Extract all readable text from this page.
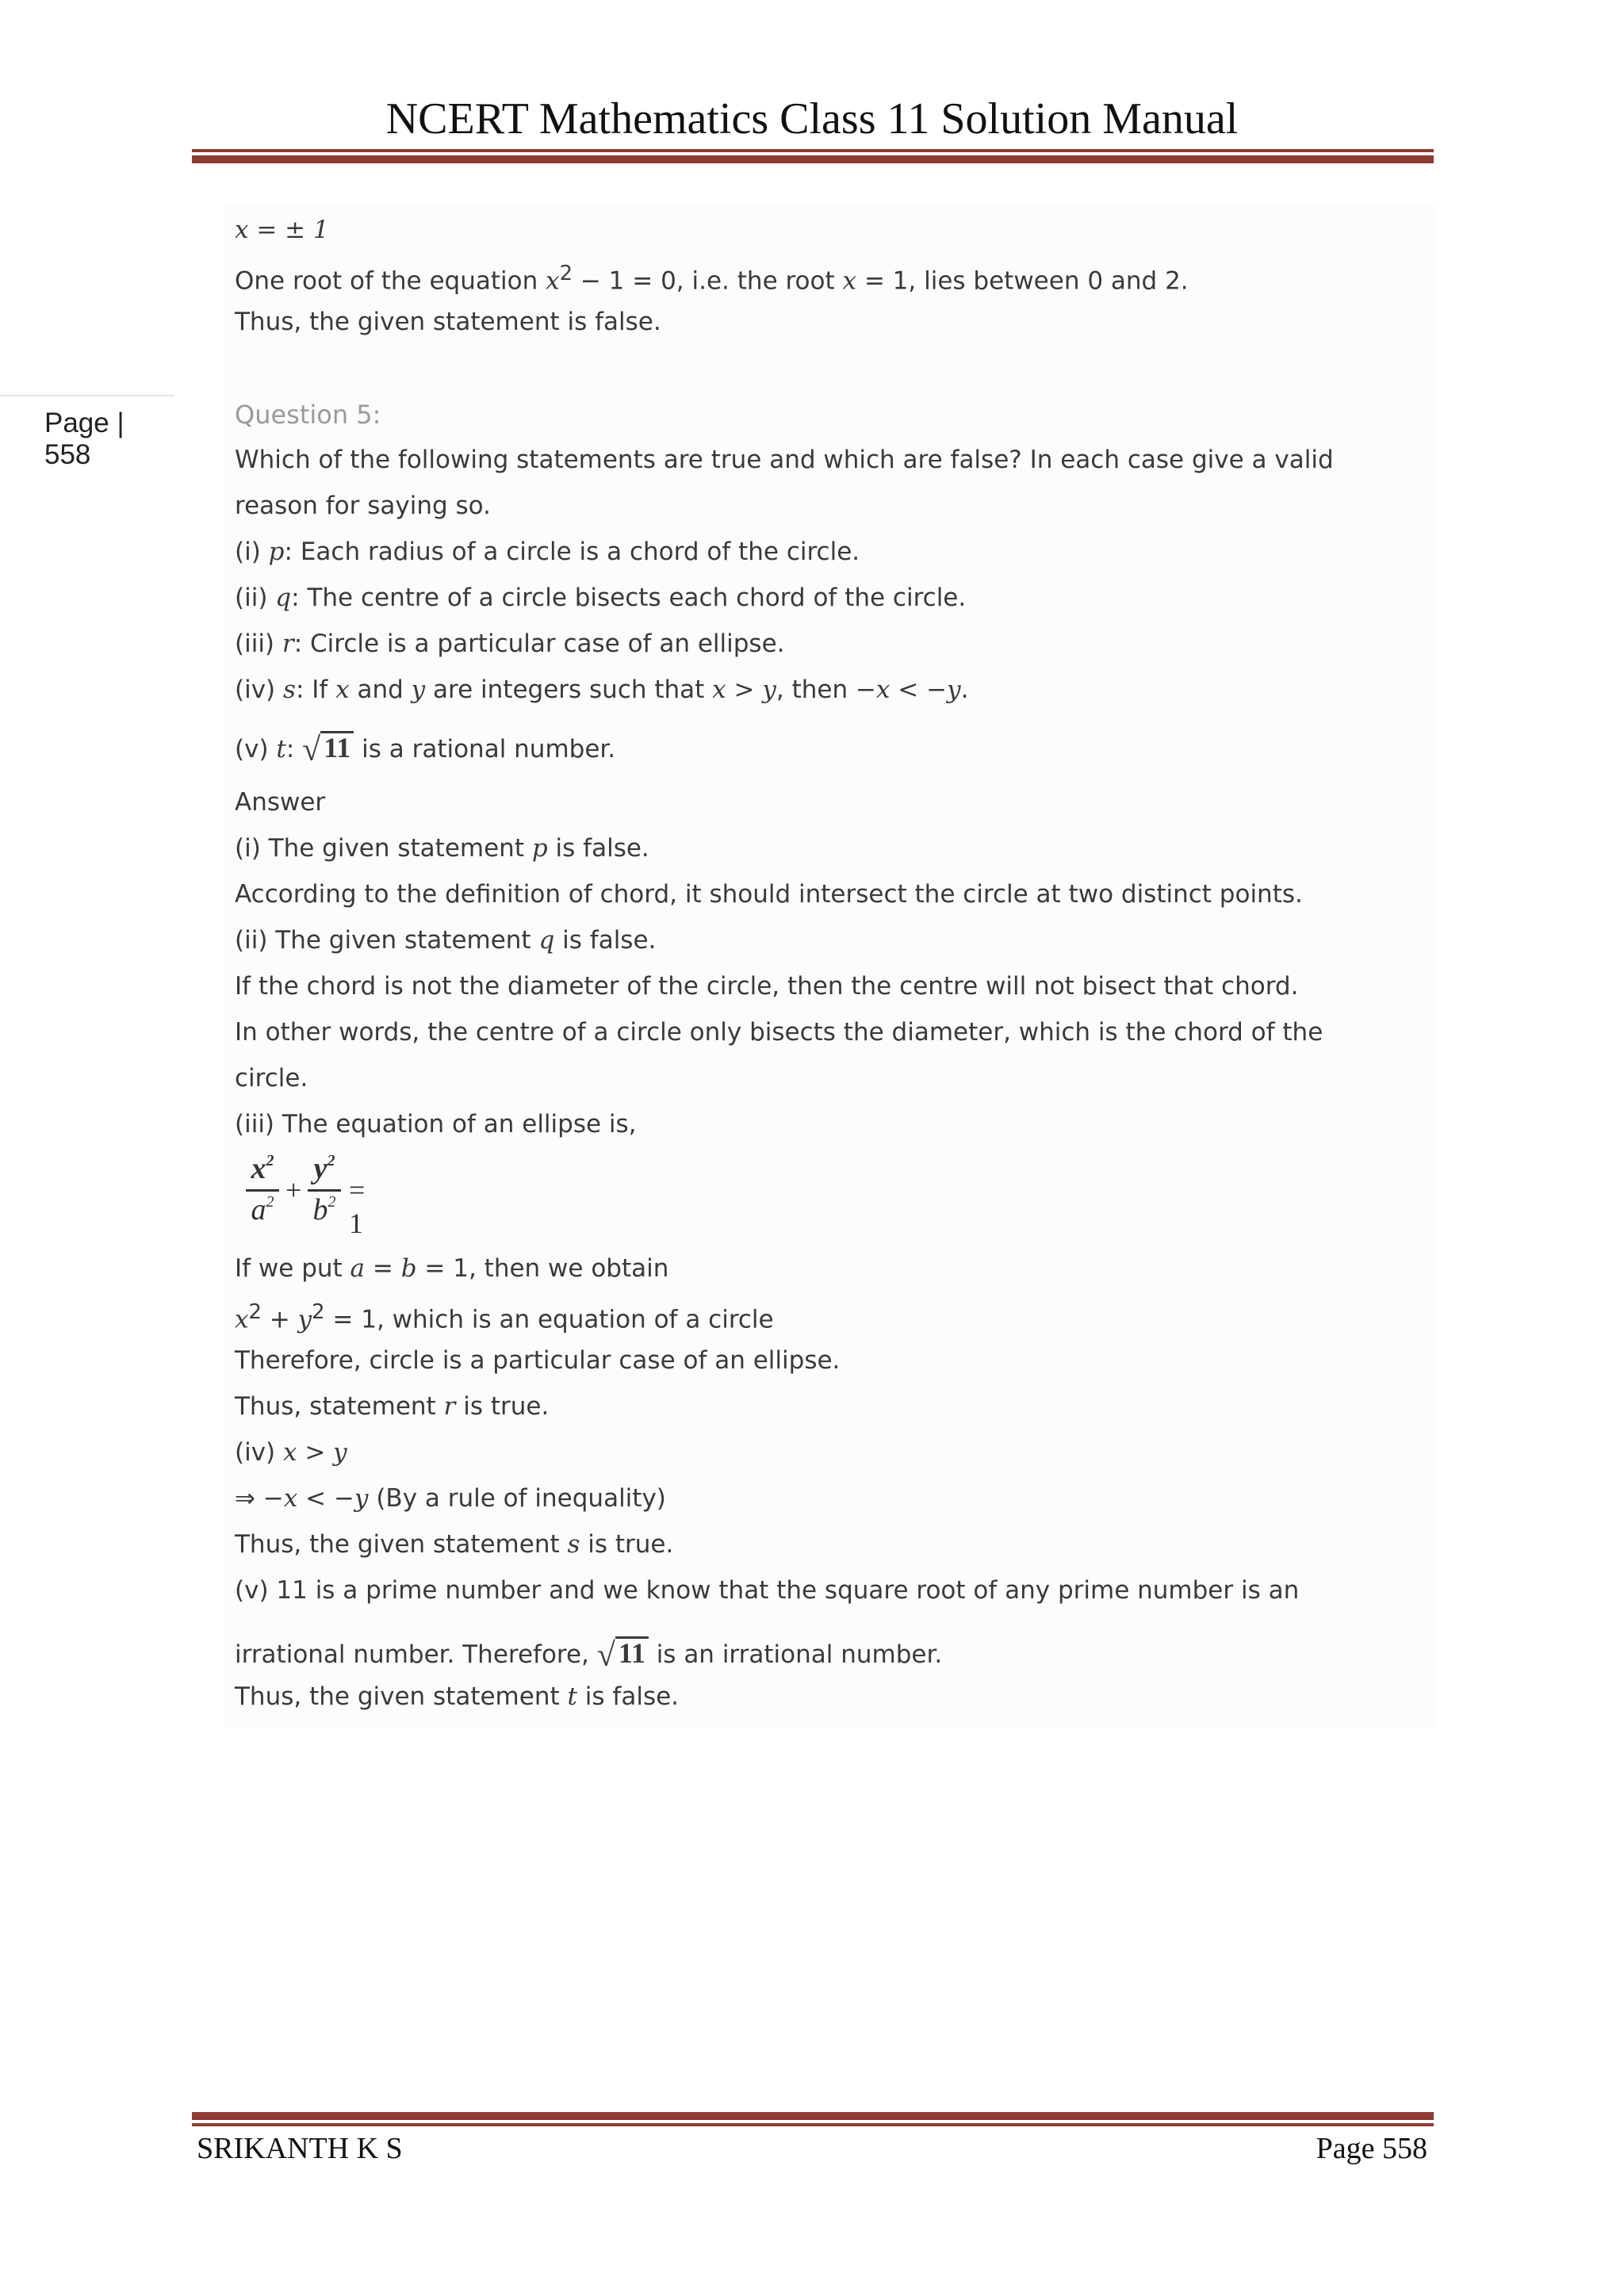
NCERT Mathematics Class 11 Solution Manual
Page | 558

x = ± 1

One root of the equation $x^2 - 1 = 0$, i.e. the root x = 1, lies between 0 and 2.

Thus, the given statement is false.

Question 5:

Which of the following statements are true and which are false? In each case give a valid

reason for saying so.

(i) p: Each radius of a circle is a chord of the circle.

(ii) q: The centre of a circle bisects each chord of the circle.

(iii) r: Circle is a particular case of an ellipse.

(iv) s: If x and y are integers such that x > y, then −x < −y.

(v) t: √ 11 is a rational number.

Answer

(i) The given statement p is false.

According to the definition of chord, it should intersect the circle at two distinct points.

(ii) The given statement q is false.

If the chord is not the diameter of the circle, then the centre will not bisect that chord.

In other words, the centre of a circle only bisects the diameter, which is the chord of the

circle.

(iii) The equation of an ellipse is,

$x^2$
$a^2$ +
$y^2$
$b^2 = 1$

If we put a = b = 1, then we obtain

$x^2 + y^2 = 1$, which is an equation of a circle

Therefore, circle is a particular case of an ellipse.

Thus, statement r is true.

(iv) x > y

⇒ −x < −y (By a rule of inequality)

Thus, the given statement s is true.

(v) 11 is a prime number and we know that the square root of any prime number is an

irrational number. Therefore, √ 11 is an irrational number.

Thus, the given statement t is false.

SRIKANTH K S	Page 558
